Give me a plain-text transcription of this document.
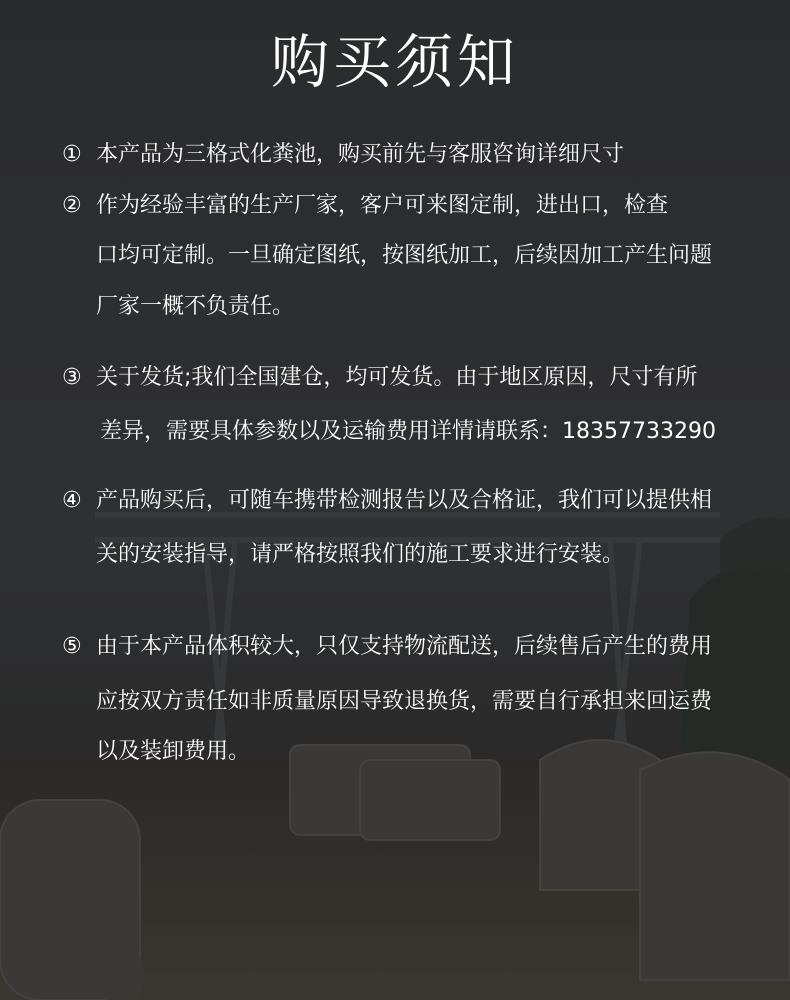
购买须知
① 本产品为三格式化粪池，购买前先与客服咨询详细尺寸
② 作为经验丰富的生产厂家，客户可来图定制，进出口，检查
口均可定制。一旦确定图纸，按图纸加工，后续因加工产生问题
厂家一概不负责任。
③ 关于发货;我们全国建仓，均可发货。由于地区原因，尺寸有所
差异，需要具体参数以及运输费用详情请联系：18357733290
④ 产品购买后，可随车携带检测报告以及合格证，我们可以提供相
关的安装指导，请严格按照我们的施工要求进行安装。
⑤ 由于本产品体积较大，只仅支持物流配送，后续售后产生的费用
应按双方责任如非质量原因导致退换货，需要自行承担来回运费
以及装卸费用。
